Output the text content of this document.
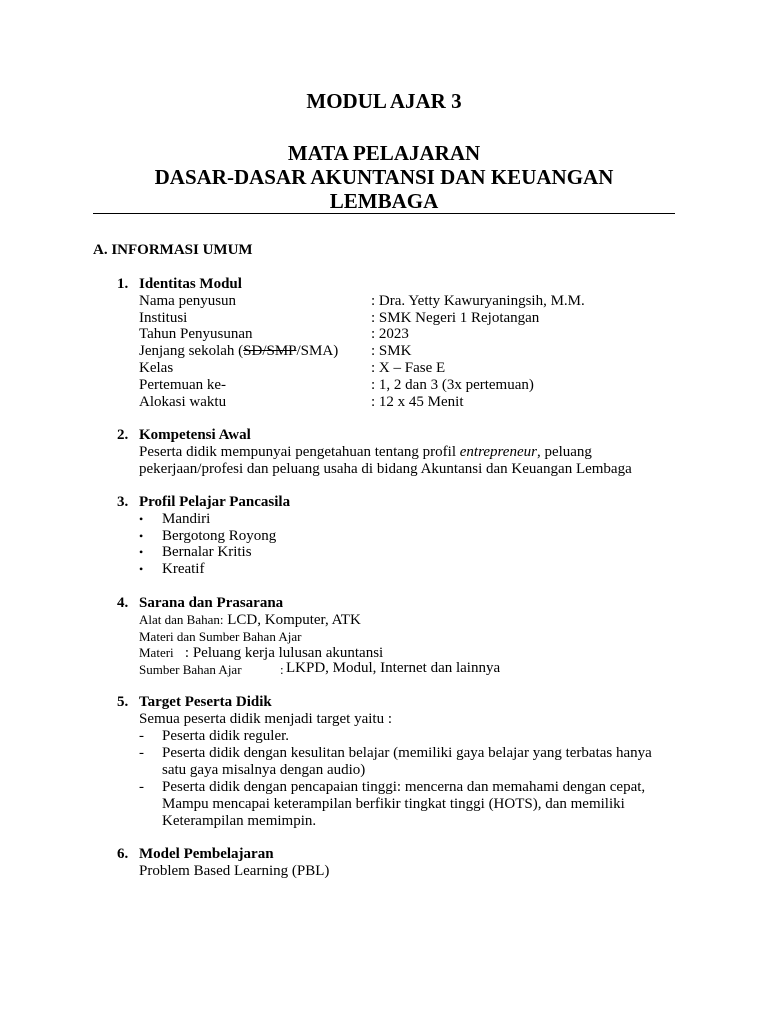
MODUL AJAR 3
MATA PELAJARAN
DASAR-DASAR AKUNTANSI DAN KEUANGAN
LEMBAGA
A. INFORMASI UMUM
1. Identitas Modul
Nama penyusun	: Dra. Yetty Kawuryaningsih, M.M.
Institusi	: SMK Negeri 1 Rejotangan
Tahun Penyusunan	: 2023
Jenjang sekolah (SD/SMP/SMA) : SMK
Kelas	: X – Fase E
Pertemuan ke-	: 1, 2 dan 3 (3x pertemuan)
Alokasi waktu	: 12 x 45 Menit
2. Kompetensi Awal
Peserta didik mempunyai pengetahuan tentang profil entrepreneur, peluang
pekerjaan/profesi dan peluang usaha di bidang Akuntansi dan Keuangan Lembaga
3. Profil Pelajar Pancasila
• Mandiri
• Bergotong Royong
• Bernalar Kritis
• Kreatif
4. Sarana dan Prasarana
Alat dan Bahan: LCD, Komputer, ATK
Materi dan Sumber Bahan Ajar
Materi : Peluang kerja lulusan akuntansi
Sumber Bahan Ajar	: LKPD, Modul, Internet dan lainnya
5. Target Peserta Didik
Semua peserta didik menjadi target yaitu :
- Peserta didik reguler.
- Peserta didik dengan kesulitan belajar (memiliki gaya belajar yang terbatas hanya
satu gaya misalnya dengan audio)
- Peserta didik dengan pencapaian tinggi: mencerna dan memahami dengan cepat,
Mampu mencapai keterampilan berfikir tingkat tinggi (HOTS), dan memiliki
Keterampilan memimpin.
6. Model Pembelajaran
Problem Based Learning (PBL)
